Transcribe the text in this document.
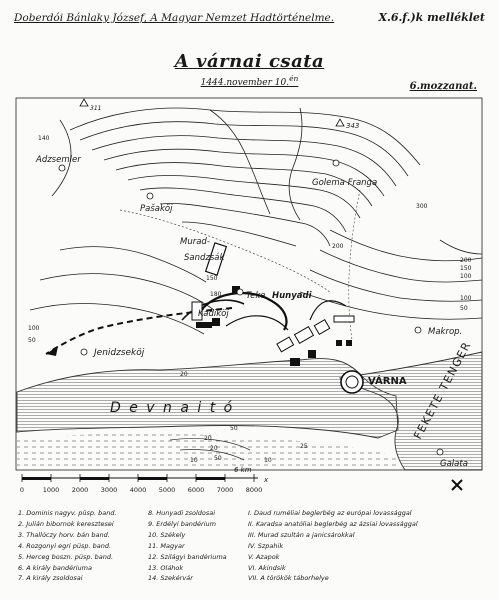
Doberdói Bánlaky József, A Magyar Nemzet Hadtörténelme.	X.6.f.)k melléklet
A várnai csata
1444.november 10.$^{én}$
6.mozzanat.
Adzsemler
Pašaköj
Golema Franga
Murad-
Sandzsák
Teke Hunyadi
Kadiköj
Jenidzseköj
Makrop.
Galata
343
311
VÁRNA
D e v n a i t ó	FEKETE TENGER
140
200
300
150
100
200
180
150
100
50
100
50
20
20
20
50
50
25
10	10
0	1000 2000 3000 4000 5000 6000 7000 8000
6 km
x
1. Dominis nagyv. püsp. band.
2. Julián bibornok keresztesei
3. Thallóczy horv. bán band.
4. Rozgonyi egri püsp. band.
5. Herceg boszn. püsp. band.
6. A király bandériuma
7. A király zsoldosai
8. Hunyadi zsoldosai
9. Erdélyi bandérium
10. Székely
11. Magyar
12. Szilágyi bandériuma
13. Oláhok
14. Szekérvár
I. Daud ruméliai beglerbég az európai lovassággal
II. Karadsa anatóliai beglerbég az ázsiai lovassággal
III. Murad szultán a janicsárokkal
IV. Szpahik
V. Azapok
VI. Akindsik
VII. A törökök táborhelye
